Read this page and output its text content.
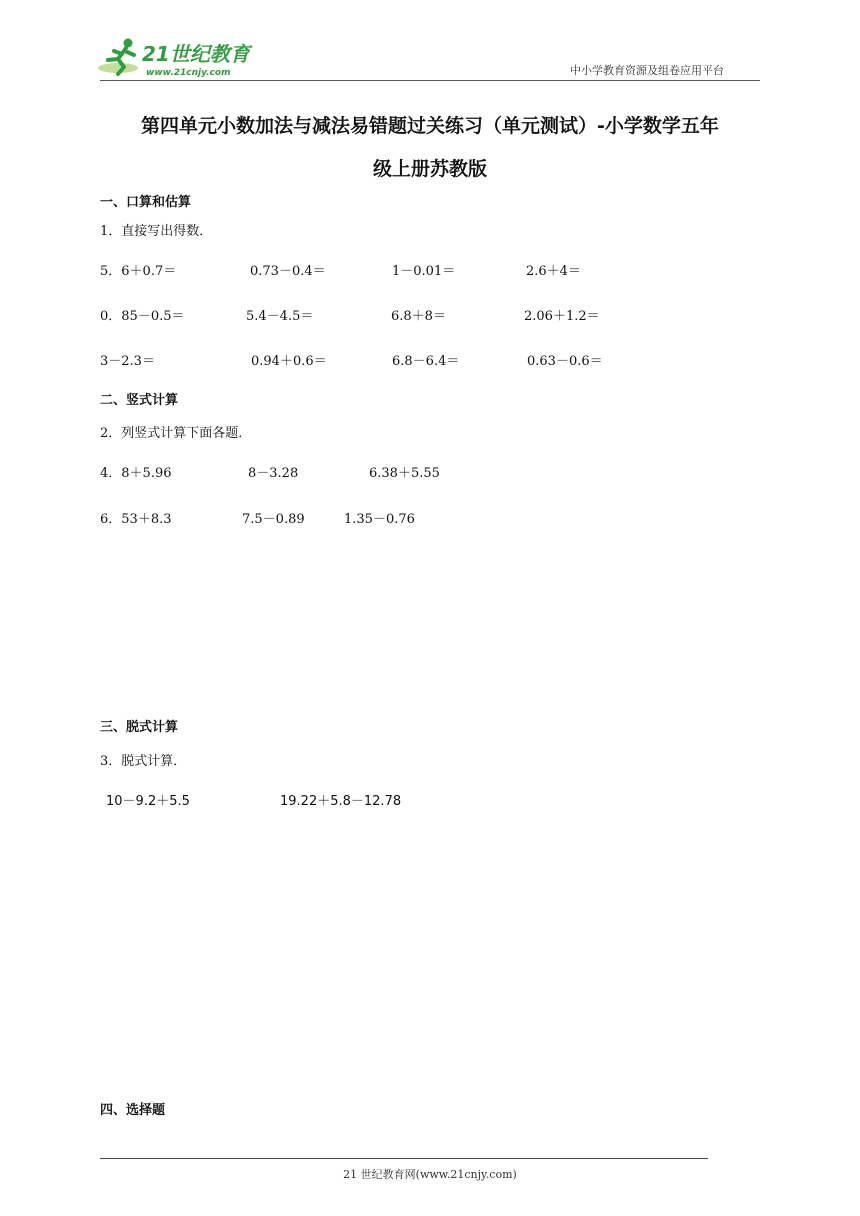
21世纪教育
www.21cnjy.com	中小学教育资源及组卷应用平台
第四单元小数加法与减法易错题过关练习（单元测试）-小学数学五年
级上册苏教版
一、口算和估算
1．直接写出得数．
5．6＋0.7＝	0.73－0.4＝	1－0.01＝	2.6＋4＝
0．85－0.5＝	5.4－4.5＝	6.8＋8＝	2.06＋1.2＝
3－2.3＝	0.94＋0.6＝	6.8－6.4＝	0.63－0.6＝
二、竖式计算
2．列竖式计算下面各题．
4．8＋5.96	8－3.28	6.38＋5.55
6．53＋8.3	7.5－0.89	1.35－0.76
三、脱式计算
3．脱式计算．
10－9.2＋5.5	19.22＋5.8－12.78
四、选择题
21 世纪教育网(www.21cnjy.com)
